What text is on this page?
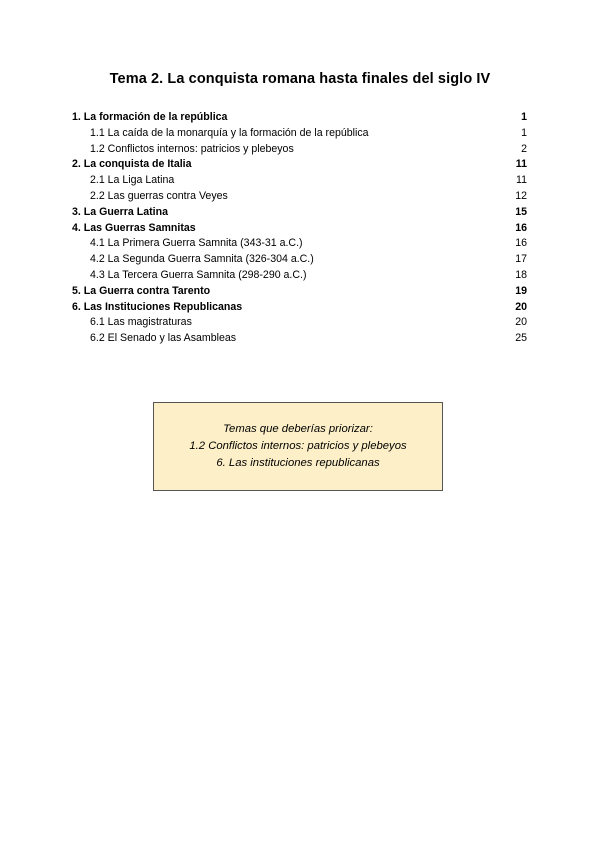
Tema 2. La conquista romana hasta finales del siglo IV
1. La formación de la república	1
1.1 La caída de la monarquía y la formación de la república	1
1.2 Conflictos internos: patricios y plebeyos	2
2. La conquista de Italia	11
2.1 La Liga Latina	11
2.2 Las guerras contra Veyes	12
3. La Guerra Latina	15
4. Las Guerras Samnitas	16
4.1 La Primera Guerra Samnita (343-31 a.C.)	16
4.2 La Segunda Guerra Samnita (326-304 a.C.)	17
4.3 La Tercera Guerra Samnita (298-290 a.C.)	18
5. La Guerra contra Tarento	19
6. Las Instituciones Republicanas	20
6.1 Las magistraturas	20
6.2 El Senado y las Asambleas	25
Temas que deberías priorizar:
1.2 Conflictos internos: patricios y plebeyos
6. Las instituciones republicanas
